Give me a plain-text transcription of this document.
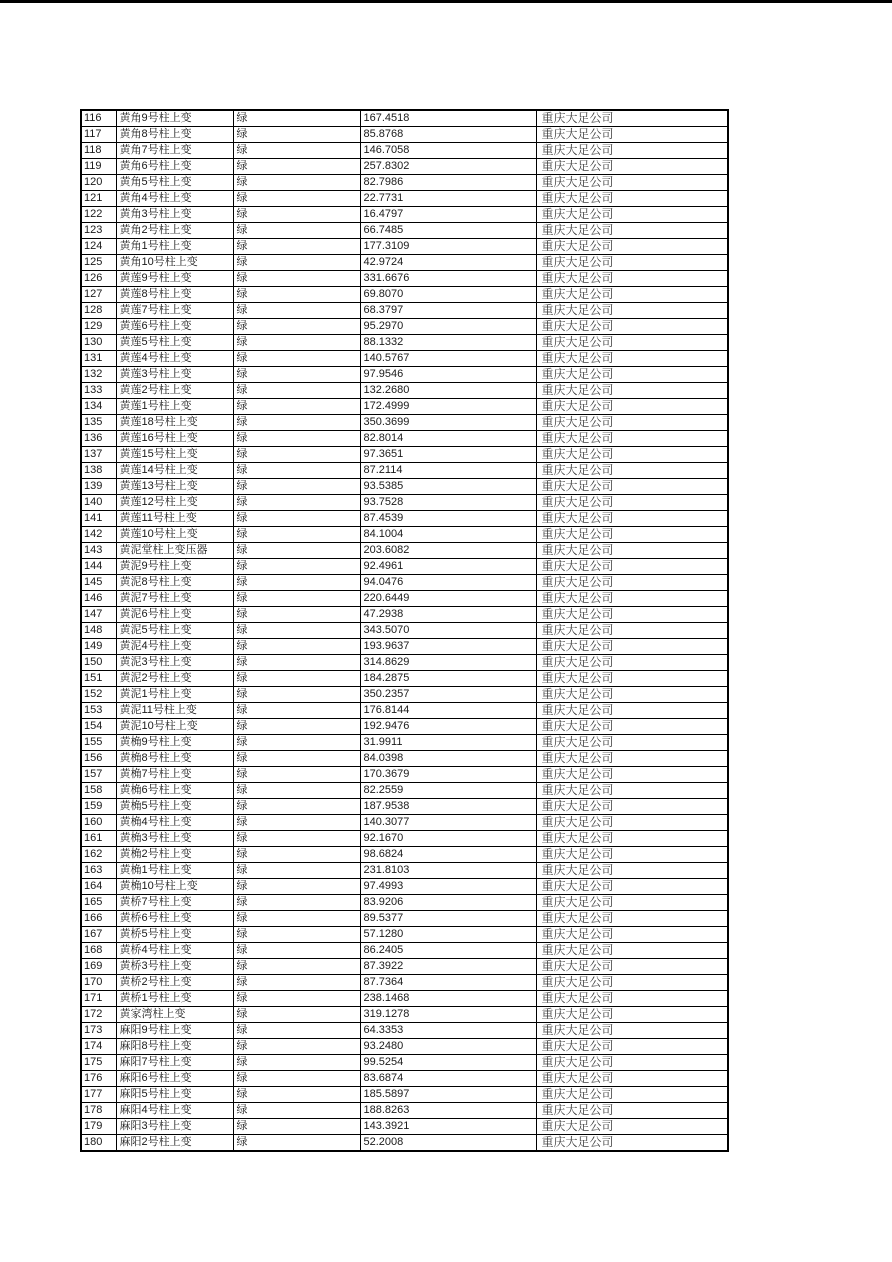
116	黄角9号柱上变	绿	167.4518	重庆大足公司
117	黄角8号柱上变	绿	85.8768	重庆大足公司
118	黄角7号柱上变	绿	146.7058	重庆大足公司
119	黄角6号柱上变	绿	257.8302	重庆大足公司
120	黄角5号柱上变	绿	82.7986	重庆大足公司
121	黄角4号柱上变	绿	22.7731	重庆大足公司
122	黄角3号柱上变	绿	16.4797	重庆大足公司
123	黄角2号柱上变	绿	66.7485	重庆大足公司
124	黄角1号柱上变	绿	177.3109	重庆大足公司
125	黄角10号柱上变	绿	42.9724	重庆大足公司
126	黄莲9号柱上变	绿	331.6676	重庆大足公司
127	黄莲8号柱上变	绿	69.8070	重庆大足公司
128	黄莲7号柱上变	绿	68.3797	重庆大足公司
129	黄莲6号柱上变	绿	95.2970	重庆大足公司
130	黄莲5号柱上变	绿	88.1332	重庆大足公司
131	黄莲4号柱上变	绿	140.5767	重庆大足公司
132	黄莲3号柱上变	绿	97.9546	重庆大足公司
133	黄莲2号柱上变	绿	132.2680	重庆大足公司
134	黄莲1号柱上变	绿	172.4999	重庆大足公司
135	黄莲18号柱上变	绿	350.3699	重庆大足公司
136	黄莲16号柱上变	绿	82.8014	重庆大足公司
137	黄莲15号柱上变	绿	97.3651	重庆大足公司
138	黄莲14号柱上变	绿	87.2114	重庆大足公司
139	黄莲13号柱上变	绿	93.5385	重庆大足公司
140	黄莲12号柱上变	绿	93.7528	重庆大足公司
141	黄莲11号柱上变	绿	87.4539	重庆大足公司
142	黄莲10号柱上变	绿	84.1004	重庆大足公司
143	黄泥堂柱上变压器	绿	203.6082	重庆大足公司
144	黄泥9号柱上变	绿	92.4961	重庆大足公司
145	黄泥8号柱上变	绿	94.0476	重庆大足公司
146	黄泥7号柱上变	绿	220.6449	重庆大足公司
147	黄泥6号柱上变	绿	47.2938	重庆大足公司
148	黄泥5号柱上变	绿	343.5070	重庆大足公司
149	黄泥4号柱上变	绿	193.9637	重庆大足公司
150	黄泥3号柱上变	绿	314.8629	重庆大足公司
151	黄泥2号柱上变	绿	184.2875	重庆大足公司
152	黄泥1号柱上变	绿	350.2357	重庆大足公司
153	黄泥11号柱上变	绿	176.8144	重庆大足公司
154	黄泥10号柱上变	绿	192.9476	重庆大足公司
155	黄桷9号柱上变	绿	31.9911	重庆大足公司
156	黄桷8号柱上变	绿	84.0398	重庆大足公司
157	黄桷7号柱上变	绿	170.3679	重庆大足公司
158	黄桷6号柱上变	绿	82.2559	重庆大足公司
159	黄桷5号柱上变	绿	187.9538	重庆大足公司
160	黄桷4号柱上变	绿	140.3077	重庆大足公司
161	黄桷3号柱上变	绿	92.1670	重庆大足公司
162	黄桷2号柱上变	绿	98.6824	重庆大足公司
163	黄桷1号柱上变	绿	231.8103	重庆大足公司
164	黄桷10号柱上变	绿	97.4993	重庆大足公司
165	黄桥7号柱上变	绿	83.9206	重庆大足公司
166	黄桥6号柱上变	绿	89.5377	重庆大足公司
167	黄桥5号柱上变	绿	57.1280	重庆大足公司
168	黄桥4号柱上变	绿	86.2405	重庆大足公司
169	黄桥3号柱上变	绿	87.3922	重庆大足公司
170	黄桥2号柱上变	绿	87.7364	重庆大足公司
171	黄桥1号柱上变	绿	238.1468	重庆大足公司
172	黄家湾柱上变	绿	319.1278	重庆大足公司
173	麻阳9号柱上变	绿	64.3353	重庆大足公司
174	麻阳8号柱上变	绿	93.2480	重庆大足公司
175	麻阳7号柱上变	绿	99.5254	重庆大足公司
176	麻阳6号柱上变	绿	83.6874	重庆大足公司
177	麻阳5号柱上变	绿	185.5897	重庆大足公司
178	麻阳4号柱上变	绿	188.8263	重庆大足公司
179	麻阳3号柱上变	绿	143.3921	重庆大足公司
180	麻阳2号柱上变	绿	52.2008	重庆大足公司
